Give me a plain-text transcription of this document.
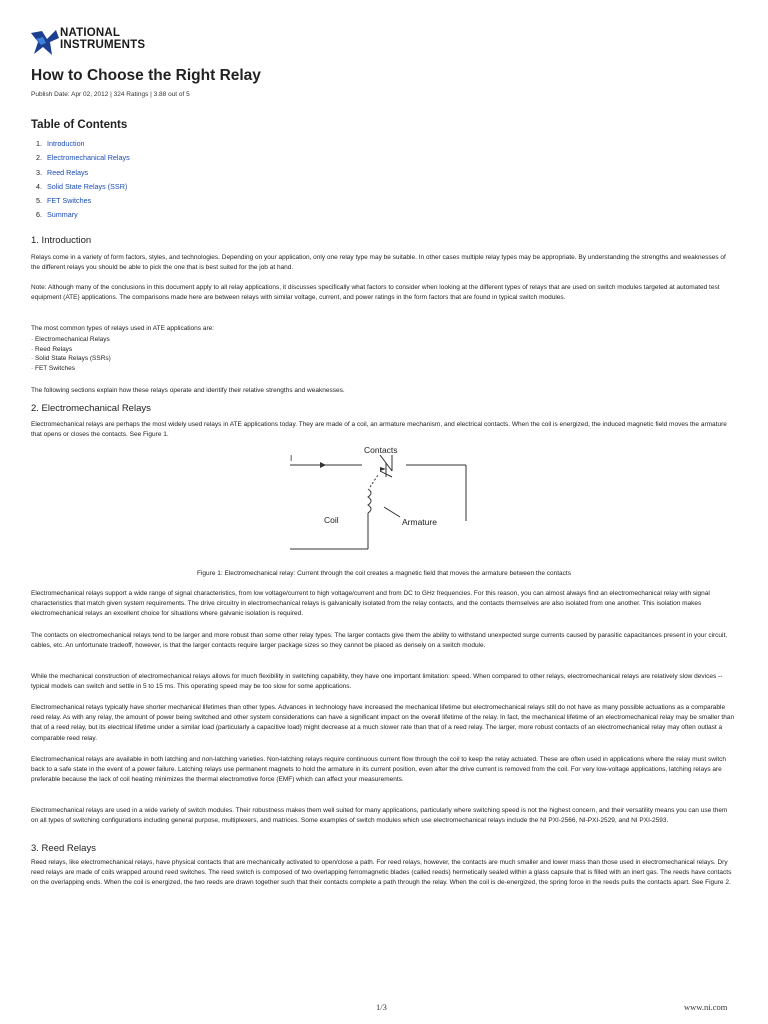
NATIONAL
INSTRUMENTS
How to Choose the Right Relay
Publish Date: Apr 02, 2012 | 324 Ratings | 3.88 out of 5
Table of Contents
1. Introduction
2. Electromechanical Relays
3. Reed Relays
4. Solid State Relays (SSR)
5. FET Switches
6. Summary
1. Introduction

Relays come in a variety of form factors, styles, and technologies. Depending on your application, only one relay type may be suitable. In other cases multiple relay types may be appropriate. By understanding the strengths and weaknesses of the different relays you should be able to pick the one that is best suited for the job at hand.

Note: Although many of the conclusions in this document apply to all relay applications, it discusses specifically what factors to consider when looking at the different types of relays that are used on switch modules targeted at automated test equipment (ATE) applications. The comparisons made here are between relays with similar voltage, current, and power ratings in the form factors that are found in typical switch modules.

The most common types of relays used in ATE applications are:

· Electromechanical Relays
· Reed Relays
· Solid State Relays (SSRs)
· FET Switches

The following sections explain how these relays operate and identify their relative strengths and weaknesses.

2. Electromechanical Relays

Electromechanical relays are perhaps the most widely used relays in ATE applications today. They are made of a coil, an armature mechanism, and electrical contacts. When the coil is energized, the induced magnetic field moves the armature that opens or closes the contacts. See Figure 1.

I
Contacts
Coil	Armature
Figure 1: Electromechanical relay: Current through the coil creates a magnetic field that moves the armature between the contacts

Electromechanical relays support a wide range of signal characteristics, from low voltage/current to high voltage/current and from DC to GHz frequencies. For this reason, you can almost always find an electromechanical relay with signal characteristics that match given system requirements. The drive circuitry in electromechanical relays is galvanically isolated from the relay contacts, and the contacts themselves are also isolated from one another. This isolation makes electromechanical relays an excellent choice for situations where galvanic isolation is required.

The contacts on electromechanical relays tend to be larger and more robust than some other relay types. The larger contacts give them the ability to withstand unexpected surge currents caused by parasitic capacitances present in your circuit, cables, etc. An unfortunate tradeoff, however, is that the larger contacts require larger package sizes so they cannot be placed as densely on a switch module.

While the mechanical construction of electromechanical relays allows for much flexibility in switching capability, they have one important limitation: speed. When compared to other relays, electromechanical relays are relatively slow devices -- typical models can switch and settle in 5 to 15 ms. This operating speed may be too slow for some applications.

Electromechanical relays typically have shorter mechanical lifetimes than other types. Advances in technology have increased the mechanical lifetime but electromechanical relays still do not have as many possible actuations as a comparable reed relay. As with any relay, the amount of power being switched and other system considerations can have a significant impact on the overall lifetime of the relay. In fact, the mechanical lifetime of an electromechanical relay may be smaller than that of a reed relay, but its electrical lifetime under a similar load (particularly a capacitive load) might decrease at a much slower rate than that of a reed relay. The larger, more robust contacts of an electromechanical relay may often outlast a comparable reed relay.

Electromechanical relays are available in both latching and non-latching varieties. Non-latching relays require continuous current flow through the coil to keep the relay actuated. These are often used in applications where the relay must switch back to a safe state in the event of a power failure. Latching relays use permanent magnets to hold the armature in its current position, even after the drive current is removed from the coil. For very low-voltage applications, latching relays are preferable because the lack of coil heating minimizes the thermal electromotive force (EMF) which can affect your measurements.

Electromechanical relays are used in a wide variety of switch modules. Their robustness makes them well suited for many applications, particularly where switching speed is not the highest concern, and their versatility means you can use them on all types of switching configurations including general purpose, multiplexers, and matrices. Some examples of switch modules which use electromechanical relays include the NI PXI-2566, NI-PXI-2529, and NI PXI-2593.

3. Reed Relays

Reed relays, like electromechanical relays, have physical contacts that are mechanically activated to open/close a path. For reed relays, however, the contacts are much smaller and lower mass than those used in electromechanical relays. Dry reed relays are made of coils wrapped around reed switches. The reed switch is composed of two overlapping ferromagnetic blades (called reeds) hermetically sealed within a glass capsule that is filled with an inert gas. The reeds have contacts on the overlapping ends. When the coil is energized, the two reeds are drawn together such that their contacts complete a path through the relay. When the coil is de-energized, the spring force in the reeds pulls the contacts apart. See Figure 2.

1/3	www.ni.com
